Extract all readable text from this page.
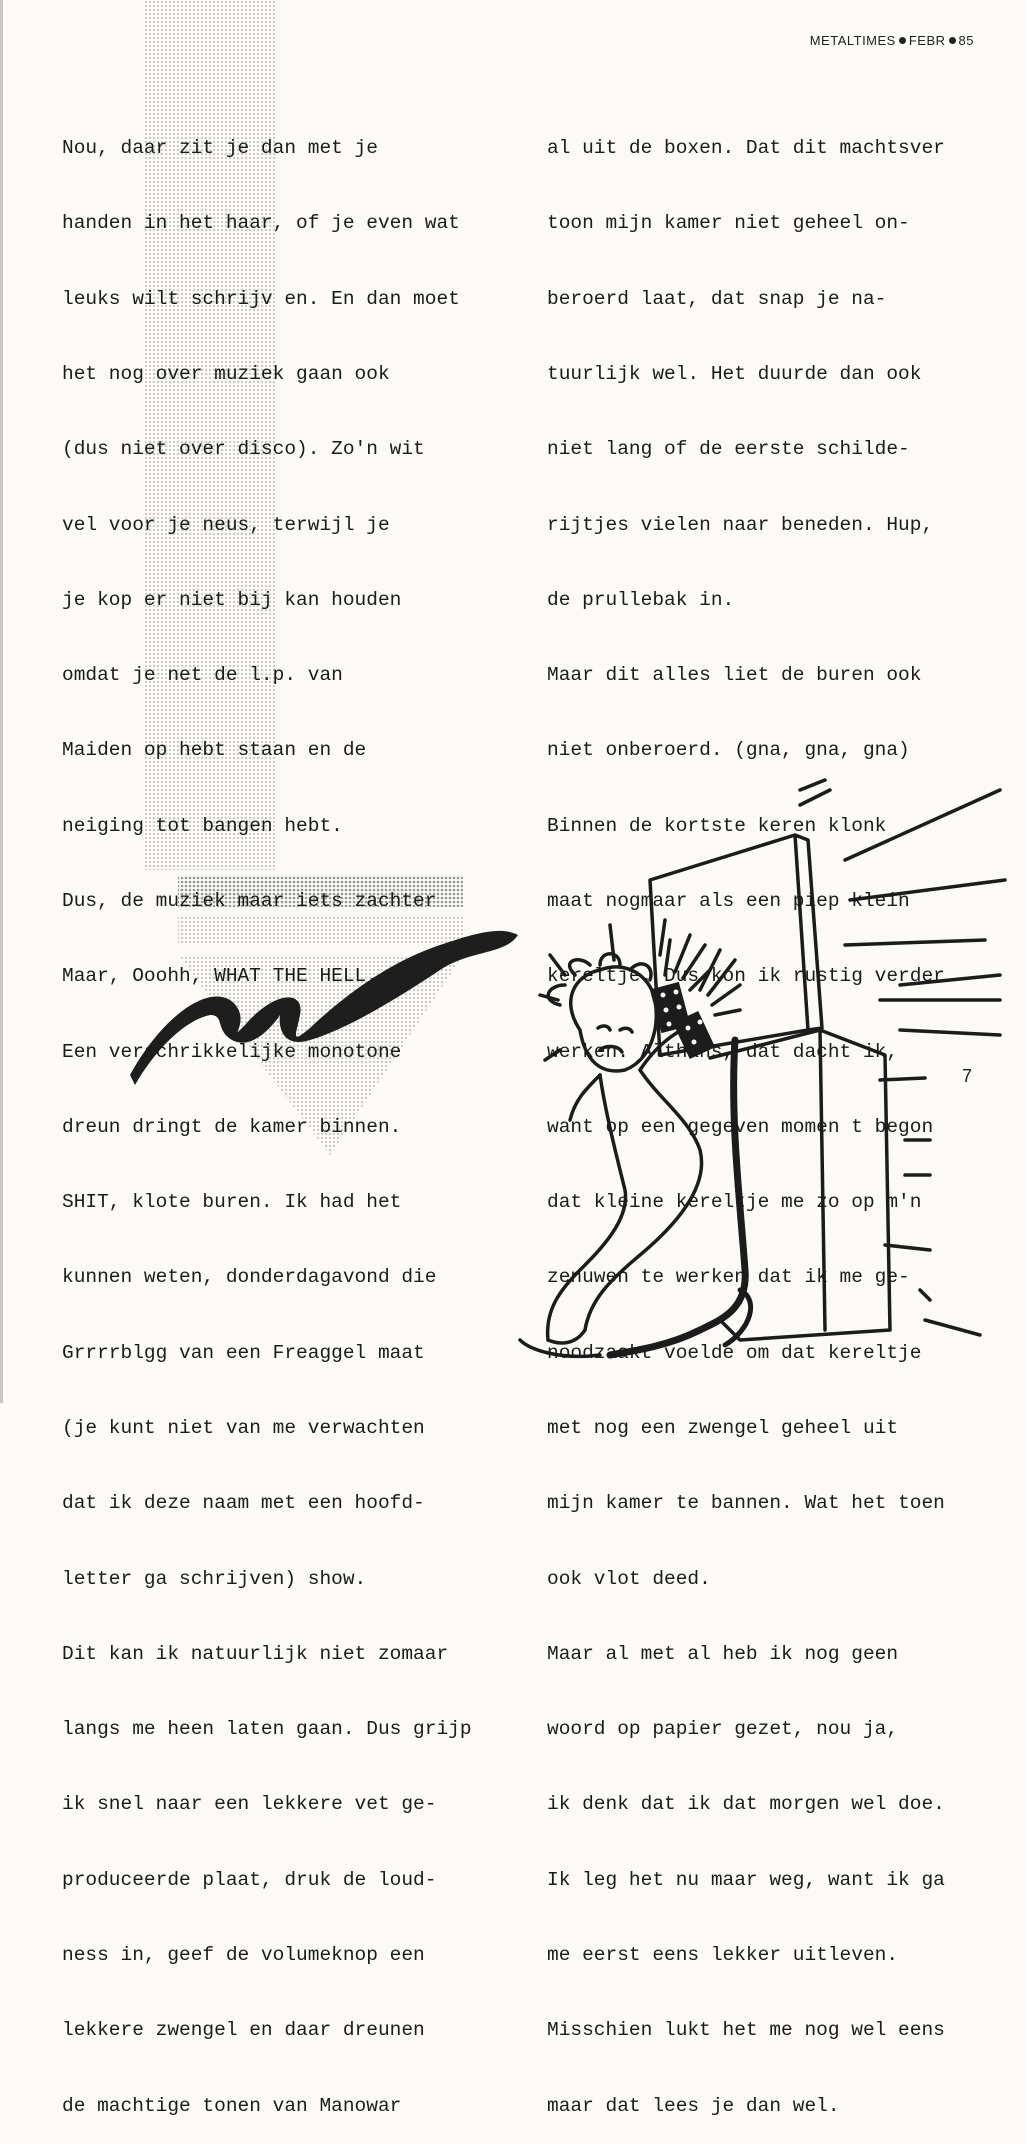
METALTIMES FEBR 85

Nou, daar zit je dan met je

handen in het haar, of je even wat

leuks wilt schrijv en. En dan moet

het nog over muziek gaan ook

(dus niet over disco). Zo'n wit

vel voor je neus, terwijl je

je kop er niet bij kan houden

omdat je net de l.p. van

Maiden op hebt staan en de

neiging tot bangen hebt.

Dus, de muziek maar iets zachter

Maar, Ooohh, WHAT THE HELL.

Een verschrikkelijke monotone

dreun dringt de kamer binnen.

SHIT, klote buren. Ik had het

kunnen weten, donderdagavond die

Grrrrblgg van een Freaggel maat

(je kunt niet van me verwachten

dat ik deze naam met een hoofd-

letter ga schrijven) show.

Dit kan ik natuurlijk niet zomaar

langs me heen laten gaan. Dus grijp

ik snel naar een lekkere vet ge-

produceerde plaat, druk de loud-

ness in, geef de volumeknop een

lekkere zwengel en daar dreunen

de machtige tonen van Manowar

al uit de boxen. Dat dit machtsver

toon mijn kamer niet geheel on-

beroerd laat, dat snap je na-

tuurlijk wel. Het duurde dan ook

niet lang of de eerste schilde-

rijtjes vielen naar beneden. Hup,

de prullebak in.

Maar dit alles liet de buren ook

niet onberoerd. (gna, gna, gna)

Binnen de kortste keren klonk

maat nogmaar als een piep klein

kereltje. Dus kon ik rustig verder

werken. Althans, dat dacht ik,

want op een gegeven momen t begon

dat kleine kereltje me zo op m'n

zenuwen te werken dat ik me ge-

noodzaakt voelde om dat kereltje

met nog een zwengel geheel uit

mijn kamer te bannen. Wat het toen

ook vlot deed.

Maar al met al heb ik nog geen

woord op papier gezet, nou ja,

ik denk dat ik dat morgen wel doe.

Ik leg het nu maar weg, want ik ga

me eerst eens lekker uitleven.

Misschien lukt het me nog wel eens

maar dat lees je dan wel.

7
